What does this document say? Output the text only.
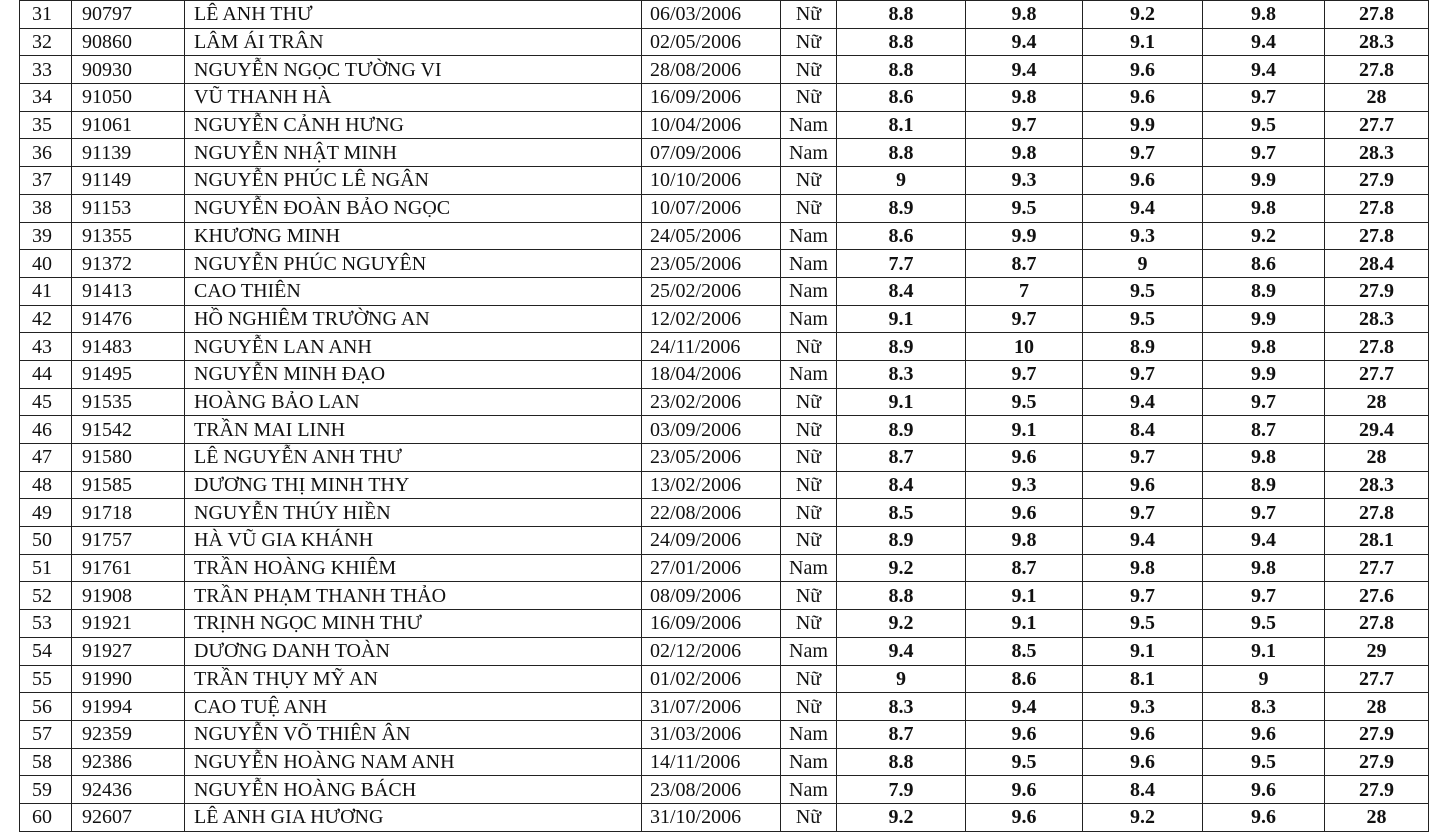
31	90797	LÊ ANH THƯ	06/03/2006	Nữ	8.8	9.8	9.2	9.8	27.8
32	90860	LÂM ÁI TRÂN	02/05/2006	Nữ	8.8	9.4	9.1	9.4	28.3
33	90930	NGUYỄN NGỌC TƯỜNG VI	28/08/2006	Nữ	8.8	9.4	9.6	9.4	27.8
34	91050	VŨ THANH HÀ	16/09/2006	Nữ	8.6	9.8	9.6	9.7	28
35	91061	NGUYỄN CẢNH HƯNG	10/04/2006	Nam	8.1	9.7	9.9	9.5	27.7
36	91139	NGUYỄN NHẬT MINH	07/09/2006	Nam	8.8	9.8	9.7	9.7	28.3
37	91149	NGUYỄN PHÚC LÊ NGÂN	10/10/2006	Nữ	9	9.3	9.6	9.9	27.9
38	91153	NGUYỄN ĐOÀN BẢO NGỌC	10/07/2006	Nữ	8.9	9.5	9.4	9.8	27.8
39	91355	KHƯƠNG MINH	24/05/2006	Nam	8.6	9.9	9.3	9.2	27.8
40	91372	NGUYỄN PHÚC NGUYÊN	23/05/2006	Nam	7.7	8.7	9	8.6	28.4
41	91413	CAO THIÊN	25/02/2006	Nam	8.4	7	9.5	8.9	27.9
42	91476	HỒ NGHIÊM TRƯỜNG AN	12/02/2006	Nam	9.1	9.7	9.5	9.9	28.3
43	91483	NGUYỄN LAN ANH	24/11/2006	Nữ	8.9	10	8.9	9.8	27.8
44	91495	NGUYỄN MINH ĐẠO	18/04/2006	Nam	8.3	9.7	9.7	9.9	27.7
45	91535	HOÀNG BẢO LAN	23/02/2006	Nữ	9.1	9.5	9.4	9.7	28
46	91542	TRẦN MAI LINH	03/09/2006	Nữ	8.9	9.1	8.4	8.7	29.4
47	91580	LÊ NGUYỄN ANH THƯ	23/05/2006	Nữ	8.7	9.6	9.7	9.8	28
48	91585	DƯƠNG THỊ MINH THY	13/02/2006	Nữ	8.4	9.3	9.6	8.9	28.3
49	91718	NGUYỄN THÚY HIỀN	22/08/2006	Nữ	8.5	9.6	9.7	9.7	27.8
50	91757	HÀ VŨ GIA KHÁNH	24/09/2006	Nữ	8.9	9.8	9.4	9.4	28.1
51	91761	TRẦN HOÀNG KHIÊM	27/01/2006	Nam	9.2	8.7	9.8	9.8	27.7
52	91908	TRẦN PHẠM THANH THẢO	08/09/2006	Nữ	8.8	9.1	9.7	9.7	27.6
53	91921	TRỊNH NGỌC MINH THƯ	16/09/2006	Nữ	9.2	9.1	9.5	9.5	27.8
54	91927	DƯƠNG DANH TOÀN	02/12/2006	Nam	9.4	8.5	9.1	9.1	29
55	91990	TRẦN THỤY MỸ AN	01/02/2006	Nữ	9	8.6	8.1	9	27.7
56	91994	CAO TUỆ ANH	31/07/2006	Nữ	8.3	9.4	9.3	8.3	28
57	92359	NGUYỄN VÕ THIÊN ÂN	31/03/2006	Nam	8.7	9.6	9.6	9.6	27.9
58	92386	NGUYỄN HOÀNG NAM ANH	14/11/2006	Nam	8.8	9.5	9.6	9.5	27.9
59	92436	NGUYỄN HOÀNG BÁCH	23/08/2006	Nam	7.9	9.6	8.4	9.6	27.9
60	92607	LÊ ANH GIA HƯƠNG	31/10/2006	Nữ	9.2	9.6	9.2	9.6	28
